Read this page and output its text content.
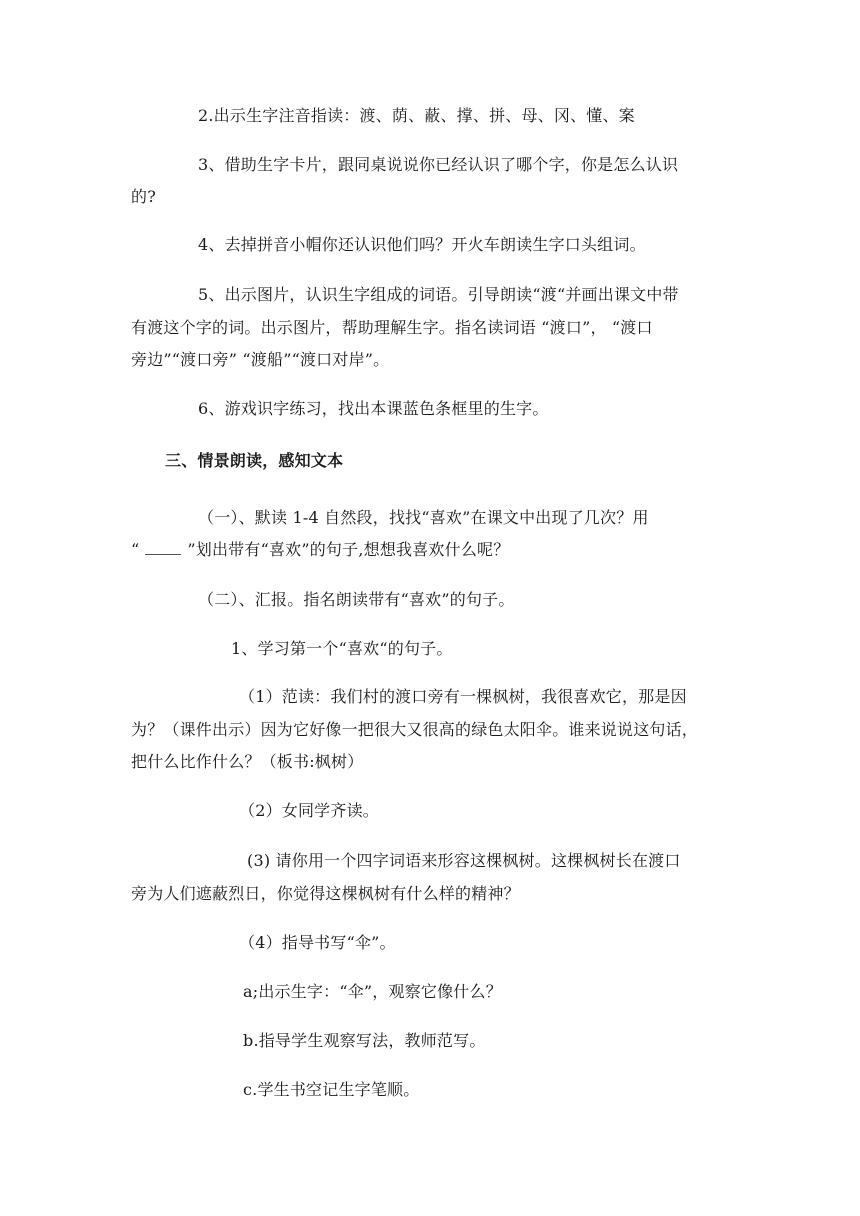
2.出示生字注音指读：渡、荫、蔽、撑、拼、母、冈、懂、案
3、借助生字卡片，跟同桌说说你已经认识了哪个字，你是怎么认识
的?
4、去掉拼音小帽你还认识他们吗？开火车朗读生字口头组词。
5、出示图片，认识生字组成的词语。引导朗读“渡“并画出课文中带
有渡这个字的词。出示图片，帮助理解生字。指名读词语 “渡口”， “渡口
旁边”“渡口旁” “渡船”“渡口对岸”。
6、游戏识字练习，找出本课蓝色条框里的生字。
三、情景朗读，感知文本
（一）、默读 1-4 自然段，找找“喜欢”在课文中出现了几次？用
“	”划出带有“喜欢”的句子,想想我喜欢什么呢？
（二）、汇报。指名朗读带有“喜欢”的句子。
1、学习第一个“喜欢“的句子。
（1）范读：我们村的渡口旁有一棵枫树，我很喜欢它，那是因
为？（课件出示）因为它好像一把很大又很高的绿色太阳伞。谁来说说这句话，
把什么比作什么？（板书:枫树）
（2）女同学齐读。
(3) 请你用一个四字词语来形容这棵枫树。这棵枫树长在渡口
旁为人们遮蔽烈日，你觉得这棵枫树有什么样的精神？
（4）指导书写“伞”。
a;出示生字：“伞”，观察它像什么？
b.指导学生观察写法，教师范写。
c.学生书空记生字笔顺。
